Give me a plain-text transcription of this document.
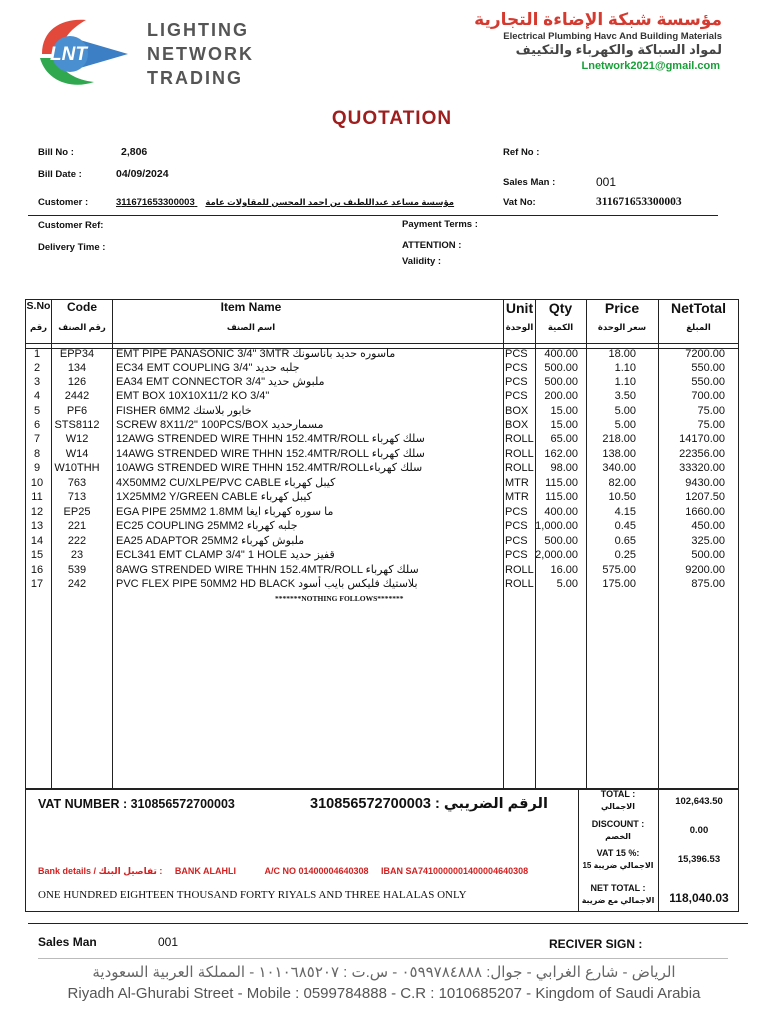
LNT
LIGHTING
NETWORK
TRADING
مؤسسة شبكة الإضاءة التجارية
Electrical Plumbing Havc And Building Materials
لمواد السباكة والكهرباء والتكييف
Lnetwork2021@gmail.com
QUOTATION
Bill No :	2,806
Bill Date :	04/09/2024
Customer :	311671653300003 مؤسسة مساعد عبداللطيف بن احمد المحسن للمقاولات عامة
Ref No :
Sales Man :	001
Vat No:	311671653300003
Customer Ref:	Payment Terms :
Delivery Time :	ATTENTION :
Validity :
S.No
رقم
Code
رقم الصنف
Item Name
اسم الصنف
Unit
الوحدة
Qty
الكمية
Price
سعر الوحدة
NetTotal
المبلغ
1	EPP34	EMT PIPE PANASONIC 3/4" 3MTR ماسوره حديد باناسونك	PCS	400.00	18.00	7200.00
2	134	EC34 EMT COUPLING 3/4" جلبه حديد	PCS	500.00	1.10	550.00
3	126	EA34 EMT CONNECTOR 3/4" ملبوش حديد	PCS	500.00	1.10	550.00
4	2442	EMT BOX 10X10X11/2 KO 3/4"	PCS	200.00	3.50	700.00
5	PF6	FISHER 6MM2 خابور بلاستك	BOX	15.00	5.00	75.00
6	STS8112	SCREW 8X11/2" 100PCS/BOX مسمارحديد	BOX	15.00	5.00	75.00
7	W12	12AWG STRENDED WIRE THHN 152.4MTR/ROLL سلك كهرباء	ROLL	65.00	218.00	14170.00
8	W14	14AWG STRENDED WIRE THHN 152.4MTR/ROLL سلك كهرباء	ROLL 162.00	138.00	22356.00
9	W10THH	10AWG STRENDED WIRE THHN 152.4MTR/ROLLسلك كهرباء	ROLL	98.00	340.00	33320.00
10	763	4X50MM2 CU/XLPE/PVC CABLE كيبل كهرباء	MTR	115.00	82.00	9430.00
11	713	1X25MM2 Y/GREEN CABLE كيبل كهرباء	MTR	115.00	10.50	1207.50
12	EP25	EGA PIPE 25MM2 1.8MM ما سوره كهرباء ايغا	PCS	400.00	4.15	1660.00
13	221	EC25 COUPLING 25MM2 جلبه كهرباء	PCS 1,000.00	0.45	450.00
14	222	EA25 ADAPTOR 25MM2 ملبوش كهرباء	PCS	500.00	0.65	325.00
15	23	ECL341 EMT CLAMP 3/4" 1 HOLE قفيز حديد	PCS 2,000.00	0.25	500.00
16	539	8AWG STRENDED WIRE THHN 152.4MTR/ROLL سلك كهرباء	ROLL	16.00	575.00	9200.00
17	242	PVC FLEX PIPE 50MM2 HD BLACK بلاستيك فليكس بايب أسود	ROLL	5.00	175.00	875.00
*******NOTHING FOLLOWS*******
VAT NUMBER : 310856572700003	الرقم الضريبي : 310856572700003
Bank details / تفاصيل البنك : BANK ALAHLI	A/C NO 01400004640308 IBAN SA7410000001400004640308
ONE HUNDRED EIGHTEEN THOUSAND FORTY RIYALS AND THREE HALALAS ONLY
TOTAL :
الاجمالي	102,643.50
DISCOUNT :
الخصم
0.00
VAT 15 %:
الاجمالي ضريبة 15
15,396.53
NET TOTAL :
الاجمالي مع ضريبة	118,040.03
Sales Man	001	RECIVER SIGN :
الرياض - شارع الغرابي - جوال: ٠٥٩٩٧٨٤٨٨٨ - س.ت : ١٠١٠٦٨٥٢٠٧ - المملكة العربية السعودية
Riyadh Al-Ghurabi Street - Mobile : 0599784888 - C.R : 1010685207 - Kingdom of Saudi Arabia
